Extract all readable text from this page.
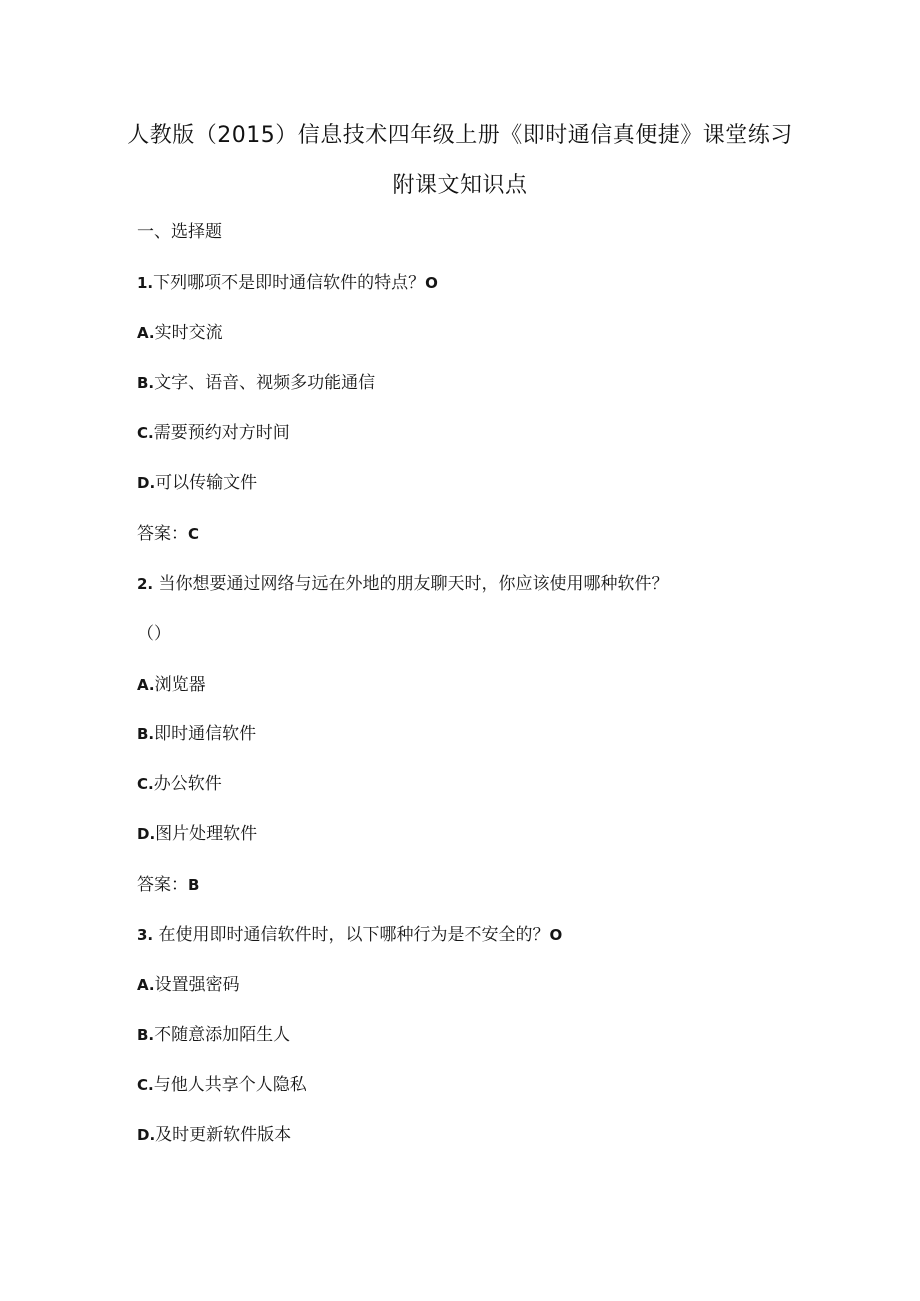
人教版（2015）信息技术四年级上册《即时通信真便捷》课堂练习
附课文知识点
一、选择题
1.下列哪项不是即时通信软件的特点？O
A.实时交流
B.文字、语音、视频多功能通信
C.需要预约对方时间
D.可以传输文件
答案：C
2. 当你想要通过网络与远在外地的朋友聊天时，你应该使用哪种软件？
（）
A.浏览器
B.即时通信软件
C.办公软件
D.图片处理软件
答案：B
3. 在使用即时通信软件时，以下哪种行为是不安全的？O
A.设置强密码
B.不随意添加陌生人
C.与他人共享个人隐私
D.及时更新软件版本
